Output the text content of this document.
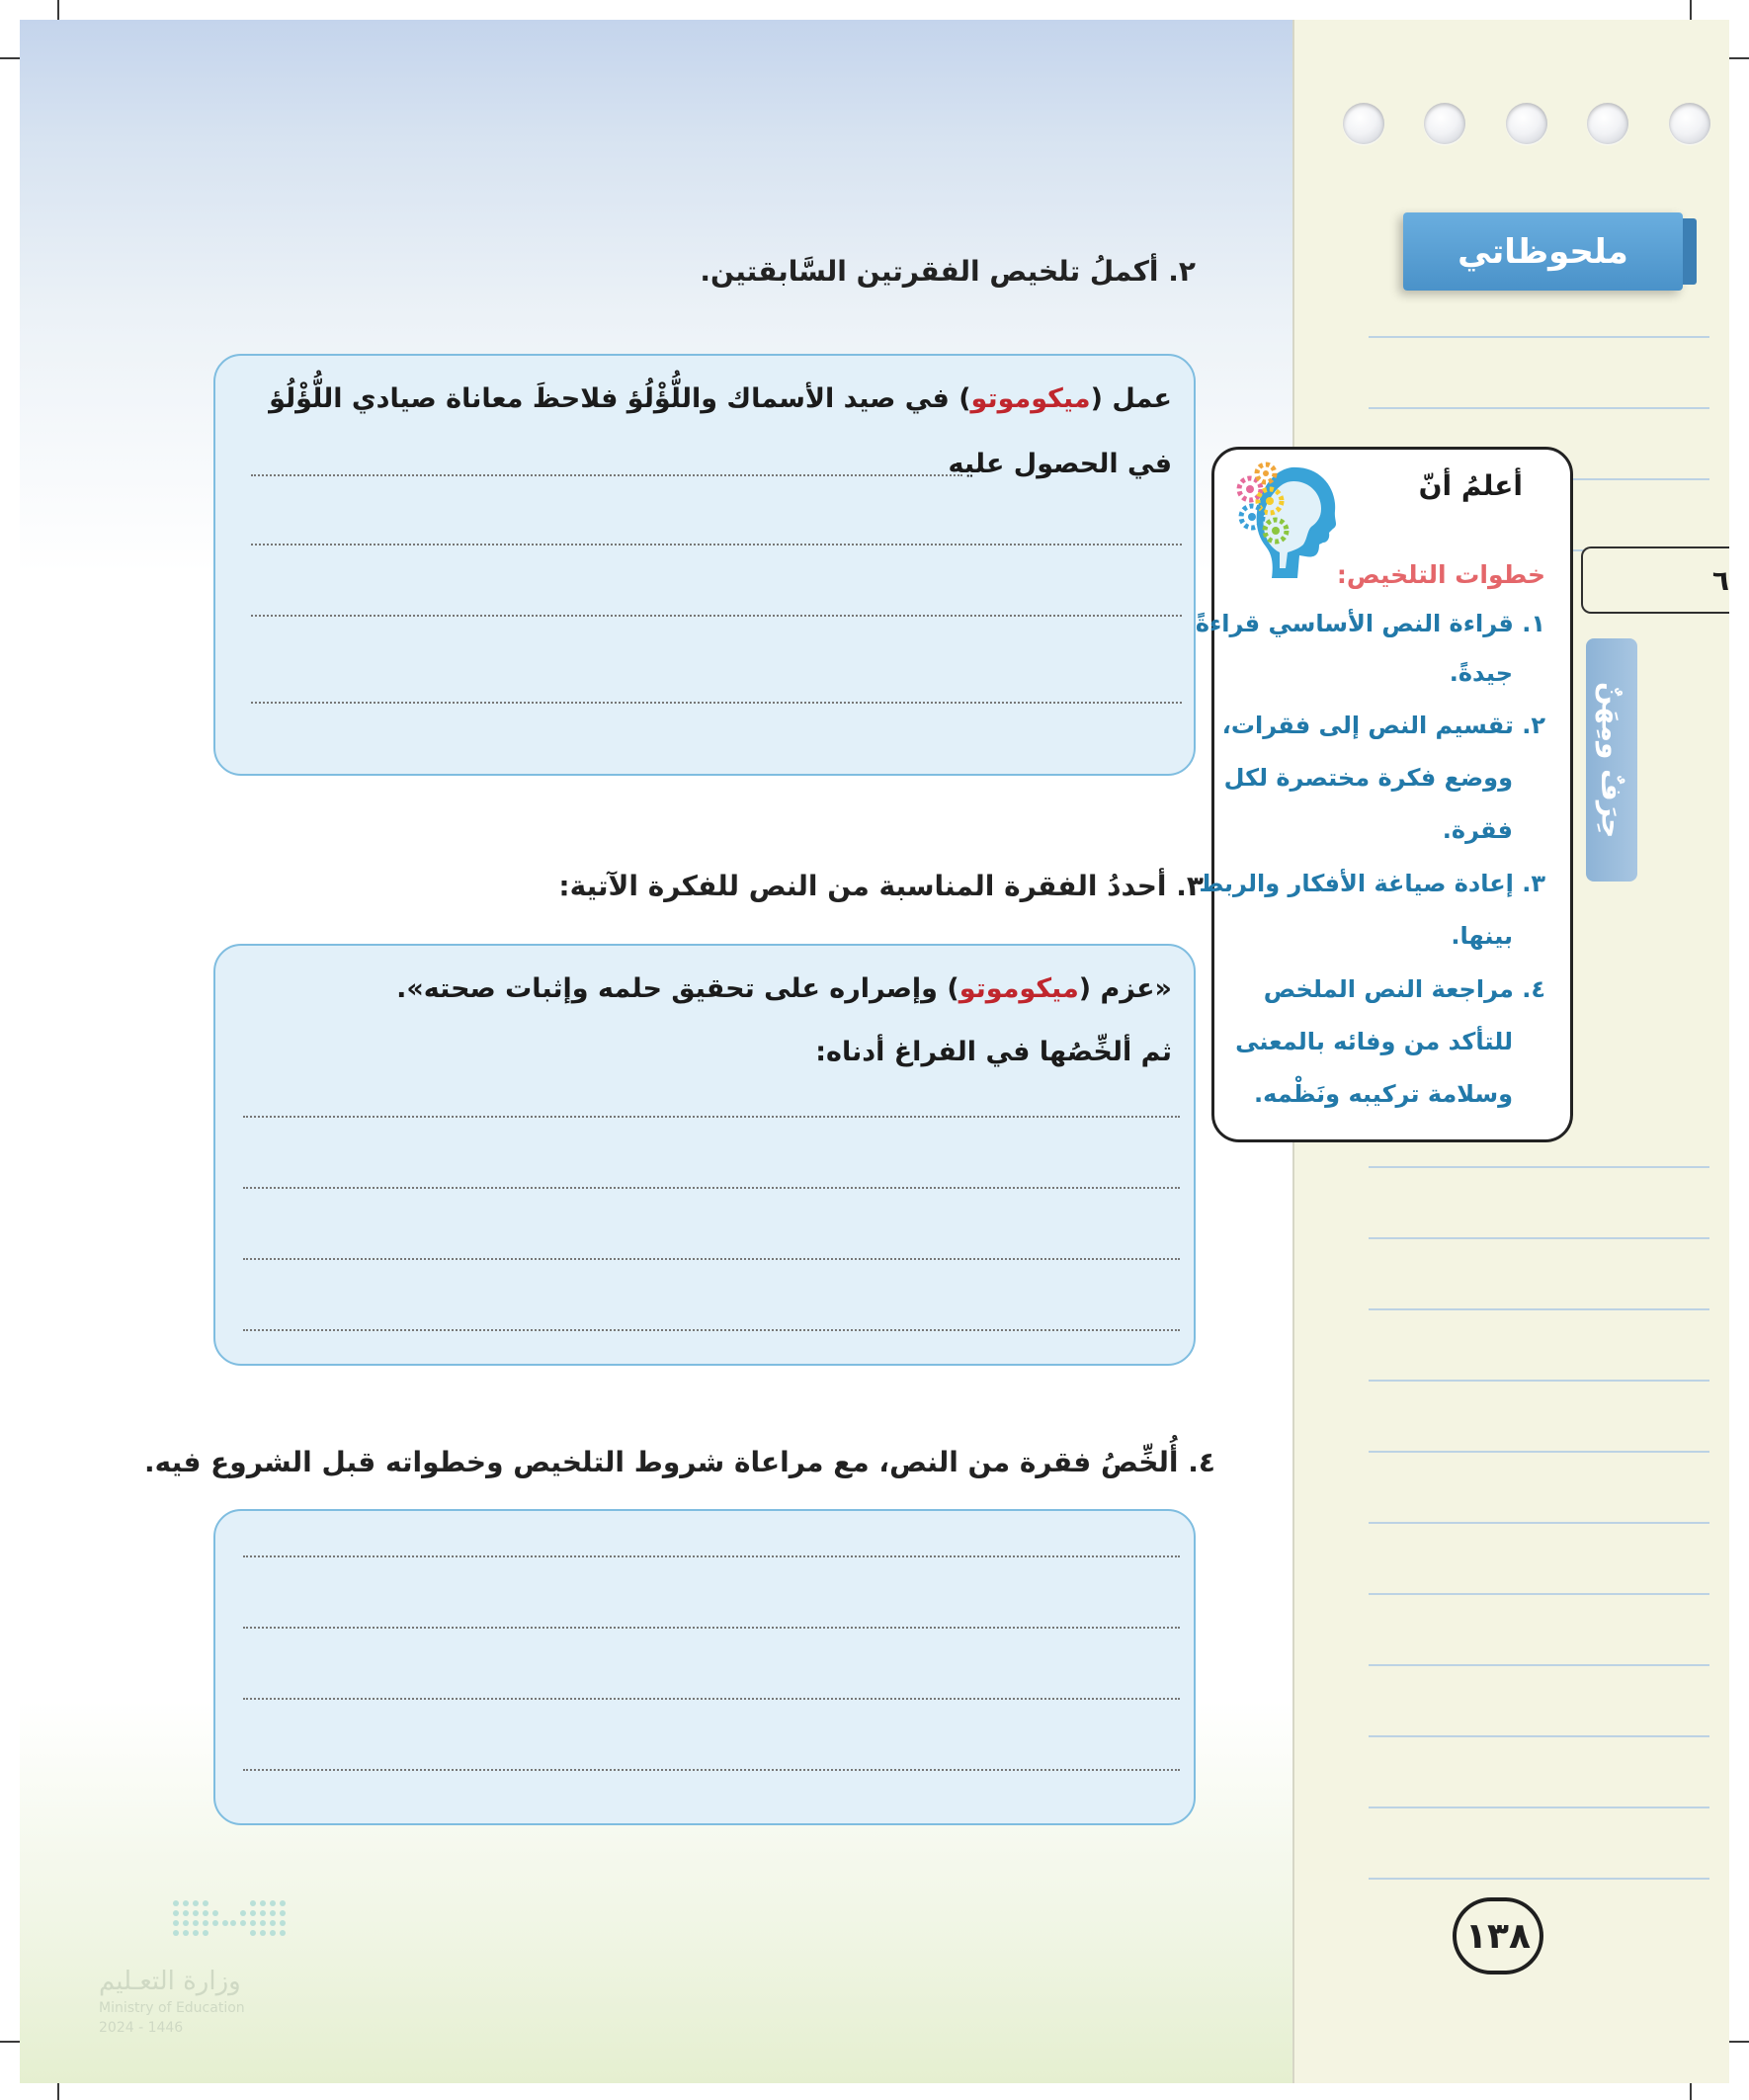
ملحوظاتي
٦
حِرَفٌ ومِهَنٌ
٢. أكملُ تلخيص الفقرتين السَّابقتين.
عمل (ميكوموتو) في صيد الأسماك واللُّؤْلُؤ فلاحظَ معاناة صيادي اللُّؤْلُؤ
في الحصول عليه
٣. أحددُ الفقرة المناسبة من النص للفكرة الآتية:
«عزم (ميكوموتو) وإصراره على تحقيق حلمه وإثبات صحته».
ثم ألخِّصُها في الفراغ أدناه:
٤. أُلخِّصُ فقرة من النص، مع مراعاة شروط التلخيص وخطواته قبل الشروع فيه.
أعلمُ أنّ
خطوات التلخيص:
١. قراءة النص الأساسي قراءةً
جيدةً.
٢. تقسيم النص إلى فقرات،
ووضع فكرة مختصرة لكل
فقرة.
٣. إعادة صياغة الأفكار والربط
بينها.
٤. مراجعة النص الملخص
للتأكد من وفائه بالمعنى
وسلامة تركيبه ونَظْمه.
١٣٨
وزارة التعـليم
Ministry of Education
2024 - 1446
